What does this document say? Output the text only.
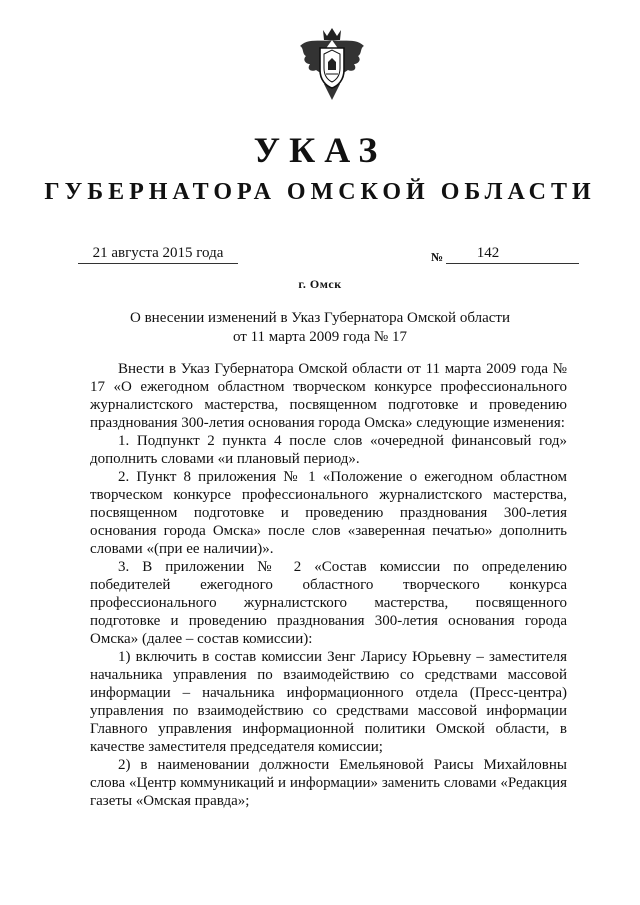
УКАЗ
ГУБЕРНАТОРА ОМСКОЙ ОБЛАСТИ
21 августа 2015 года	№	142
г. Омск
О внесении изменений в Указ Губернатора Омской области
от 11 марта 2009 года № 17

Внести в Указ Губернатора Омской области от 11 марта 2009 года № 17 «О ежегодном областном творческом конкурсе профессионального журналистского мастерства, посвященном подготовке и проведению празднования 300-летия основания города Омска» следующие изменения:

1. Подпункт 2 пункта 4 после слов «очередной финансовый год» дополнить словами «и плановый период».

2. Пункт 8 приложения № 1 «Положение о ежегодном областном творческом конкурсе профессионального журналистского мастерства, посвященном подготовке и проведению празднования 300-летия основания города Омска» после слов «заверенная печатью» дополнить словами «(при ее наличии)».

3. В приложении № 2 «Состав комиссии по определению победителей ежегодного областного творческого конкурса профессионального журналистского мастерства, посвященного подготовке и проведению празднования 300-летия основания города Омска» (далее – состав комиссии):

1) включить в состав комиссии Зенг Ларису Юрьевну – заместителя начальника управления по взаимодействию со средствами массовой информации – начальника информационного отдела (Пресс-центра) управления по взаимодействию со средствами массовой информации Главного управления информационной политики Омской области, в качестве заместителя председателя комиссии;

2) в наименовании должности Емельяновой Раисы Михайловны слова «Центр коммуникаций и информации» заменить словами «Редакция газеты «Омская правда»;
